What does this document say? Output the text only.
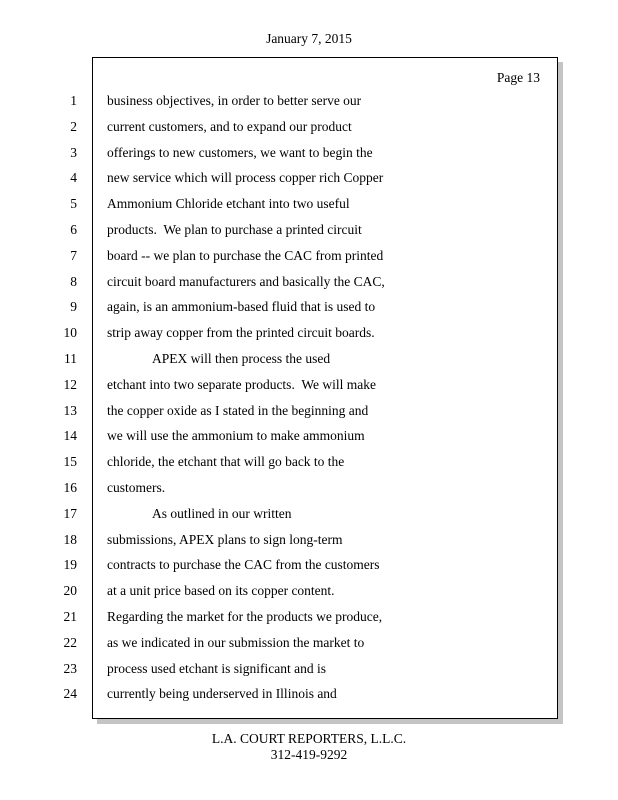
January 7, 2015
Page 13
1 business objectives, in order to better serve our
2 current customers, and to expand our product
3 offerings to new customers, we want to begin the
4 new service which will process copper rich Copper
5 Ammonium Chloride etchant into two useful
6 products.  We plan to purchase a printed circuit
7 board -- we plan to purchase the CAC from printed
8 circuit board manufacturers and basically the CAC,
9 again, is an ammonium-based fluid that is used to
10 strip away copper from the printed circuit boards.
11	APEX will then process the used
12 etchant into two separate products.  We will make
13 the copper oxide as I stated in the beginning and
14 we will use the ammonium to make ammonium
15 chloride, the etchant that will go back to the
16 customers.
17	As outlined in our written
18 submissions, APEX plans to sign long-term
19 contracts to purchase the CAC from the customers
20 at a unit price based on its copper content.
21 Regarding the market for the products we produce,
22 as we indicated in our submission the market to
23 process used etchant is significant and is
24 currently being underserved in Illinois and
L.A. COURT REPORTERS, L.L.C.
312-419-9292
